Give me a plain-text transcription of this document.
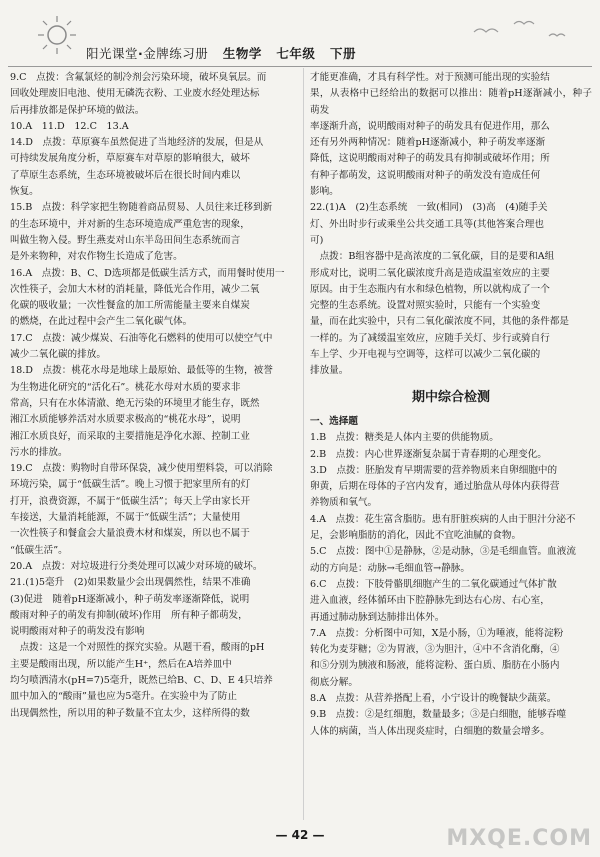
阳光课堂·金牌练习册 生物学 七年级 下册

9.C　点拨：含氟氯烃的制冷剂会污染环境，破坏臭氧层。而

回收处理废旧电池、使用无磷洗衣粉、工业废水经处理达标

后再排放都是保护环境的做法。

10.A　11.D　12.C　13.A

14.D　点拨：草原赛车虽然促进了当地经济的发展，但是从

可持续发展角度分析，草原赛车对草原的影响很大，破坏

了草原生态系统，生态环境被破坏后在很长时间内难以

恢复。

15.B　点拨：科学家把生物随着商品贸易、人员往来迁移到新

的生态环境中，并对新的生态环境造成严重危害的现象，

叫做生物入侵。野生燕麦对山东半岛田间生态系统而言

是外来物种，对农作物生长造成了危害。

16.A　点拨：B、C、D选项都是低碳生活方式，而用餐时使用一

次性筷子，会加大木材的消耗量，降低光合作用，减少二氧

化碳的吸收量；一次性餐盒的加工所需能量主要来自煤炭

的燃烧，在此过程中会产生二氧化碳气体。

17.C　点拨：减少煤炭、石油等化石燃料的使用可以使空气中

减少二氧化碳的排放。

18.D　点拨：桃花水母是地球上最原始、最低等的生物，被誉

为生物进化研究的“活化石”。桃花水母对水质的要求非

常高，只有在水体清澈、绝无污染的环境里才能生存，既然

湘江水质能够养活对水质要求极高的“桃花水母”，说明

湘江水质良好，而采取的主要措施是净化水源、控制工业

污水的排放。

19.C　点拨：购物时自带环保袋，减少使用塑料袋，可以消除

环境污染，属于“低碳生活”。晚上习惯于把家里所有的灯

打开，浪费资源，不属于“低碳生活”；每天上学由家长开

车接送，大量消耗能源，不属于“低碳生活”；大量使用

一次性筷子和餐盒会大量浪费木材和煤炭，所以也不属于

“低碳生活”。

20.A　点拨：对垃圾进行分类处理可以减少对环境的破坏。

21.(1)5毫升　(2)如果数量少会出现偶然性，结果不准确

(3)促进　随着pH逐渐减小，种子萌发率逐渐降低，说明

酸雨对种子的萌发有抑制(破坏)作用　所有种子都萌发，

说明酸雨对种子的萌发没有影响

　点拨：这是一个对照性的探究实验。从题干看，酸雨的pH

主要是酸雨出现，所以能产生H⁺，然后在A培养皿中

均匀喷洒清水(pH=7)5毫升，既然已给B、C、D、E 4只培养

皿中加入的“酸雨”量也应为5毫升。在实验中为了防止

出现偶然性，所以用的种子数量不宜太少，这样所得的数

才能更准确，才具有科学性。对于预测可能出现的实验结

果，从表格中已经给出的数据可以推出：随着pH逐渐减小，种子萌发

率逐渐升高，说明酸雨对种子的萌发具有促进作用，那么

还有另外两种情况：随着pH逐渐减小，种子萌发率逐渐

降低，这说明酸雨对种子的萌发具有抑制或破坏作用；所

有种子都萌发，这说明酸雨对种子的萌发没有造成任何

影响。

22.(1)A　(2)生态系统　一致(相同)　(3)高　(4)随手关

灯、外出时步行或乘坐公共交通工具等(其他答案合理也

可)

　点拨：B组容器中是高浓度的二氧化碳，目的是要和A组

形成对比，说明二氧化碳浓度升高是造成温室效应的主要

原因。由于生态瓶内有水和绿色植物，所以就构成了一个

完整的生态系统。设置对照实验时，只能有一个实验变

量，而在此实验中，只有二氧化碳浓度不同，其他的条件都是

一样的。为了减缓温室效应，应随手关灯、步行或骑自行

车上学、少开电视与空调等，这样可以减少二氧化碳的

排放量。

期中综合检测
一、选择题

1.B　点拨：糖类是人体内主要的供能物质。

2.B　点拨：内心世界逐渐复杂属于青春期的心理变化。

3.D　点拨：胚胎发育早期需要的营养物质来自卵细胞中的

卵黄，后期在母体的子宫内发育，通过胎盘从母体内获得营

养物质和氧气。

4.A　点拨：花生富含脂肪。患有肝脏疾病的人由于胆汁分泌不

足，会影响脂肪的消化，因此不宜吃油腻的食物。

5.C　点拨：图中①是静脉，②是动脉，③是毛细血管。血液流

动的方向是：动脉→毛细血管→静脉。

6.C　点拨：下肢骨骼肌细胞产生的二氧化碳通过气体扩散

进入血液，经体循环由下腔静脉先到达右心房、右心室，

再通过肺动脉到达肺排出体外。

7.A　点拨：分析图中可知，X是小肠，①为唾液，能将淀粉

转化为麦芽糖；②为胃液，③为胆汁，④中不含消化酶，④

和⑤分别为胰液和肠液，能将淀粉、蛋白质、脂肪在小肠内

彻底分解。

8.A　点拨：从营养搭配上看，小宁设计的晚餐缺少蔬菜。

9.B　点拨：②是红细胞，数量最多；③是白细胞，能够吞噬

人体的病菌，当人体出现炎症时，白细胞的数量会增多。

— 42 —	MXQE.COM
